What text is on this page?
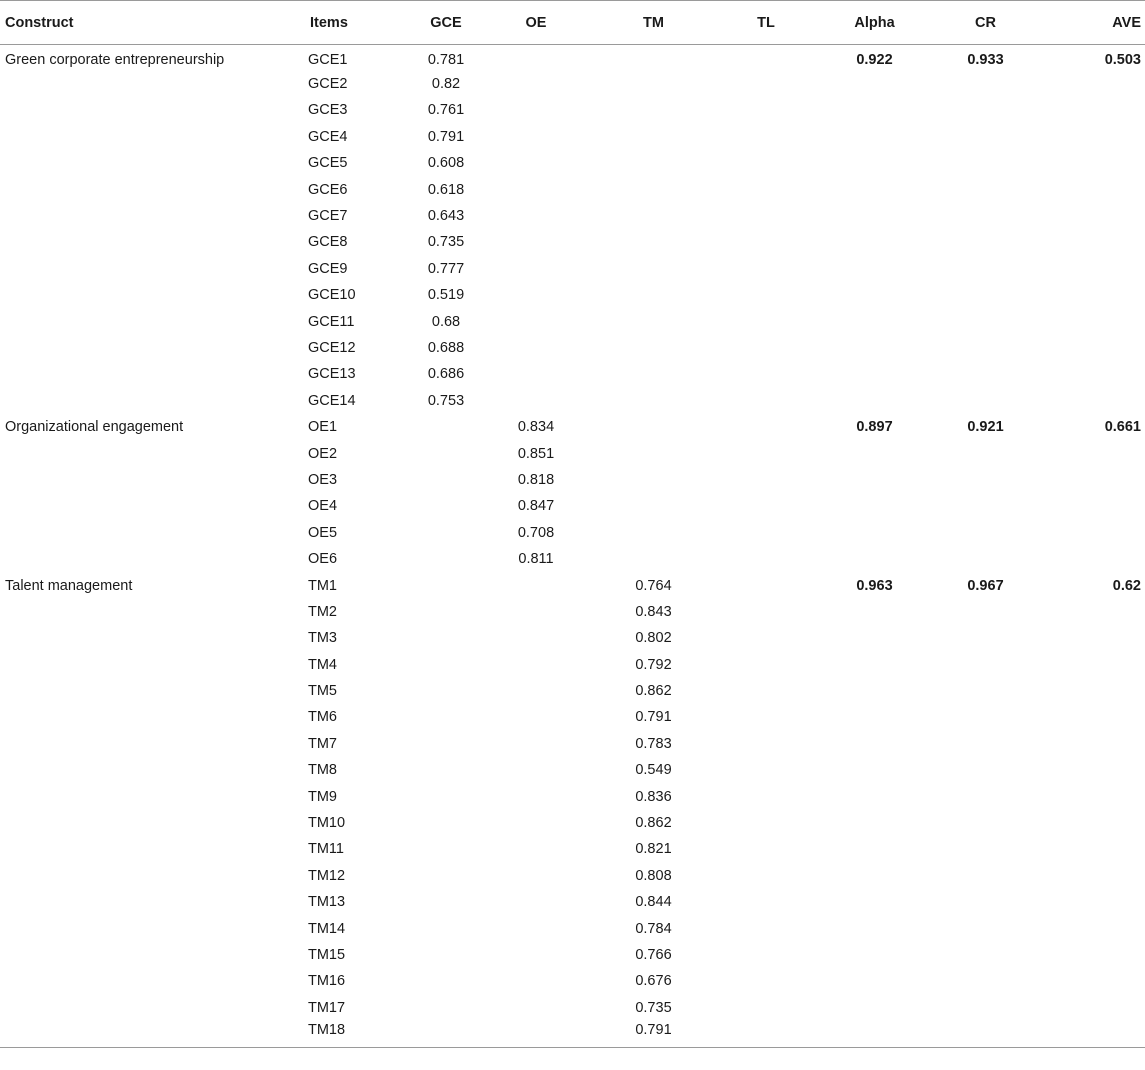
Construct	Items	GCE	OE	TM	TL	Alpha	CR	AVE
Green corporate entrepreneurship	GCE1	0.781				0.922	0.933	0.503
	GCE2	0.82						
	GCE3	0.761						
	GCE4	0.791						
	GCE5	0.608						
	GCE6	0.618						
	GCE7	0.643						
	GCE8	0.735						
	GCE9	0.777						
	GCE10	0.519						
	GCE11	0.68						
	GCE12	0.688						
	GCE13	0.686						
	GCE14	0.753						
Organizational engagement	OE1		0.834			0.897	0.921	0.661
	OE2		0.851					
	OE3		0.818					
	OE4		0.847					
	OE5		0.708					
	OE6		0.811					
Talent management	TM1			0.764		0.963	0.967	0.62
	TM2			0.843				
	TM3			0.802				
	TM4			0.792				
	TM5			0.862				
	TM6			0.791				
	TM7			0.783				
	TM8			0.549				
	TM9			0.836				
	TM10			0.862				
	TM11			0.821				
	TM12			0.808				
	TM13			0.844				
	TM14			0.784				
	TM15			0.766				
	TM16			0.676				
	TM17			0.735				
	TM18			0.791				
